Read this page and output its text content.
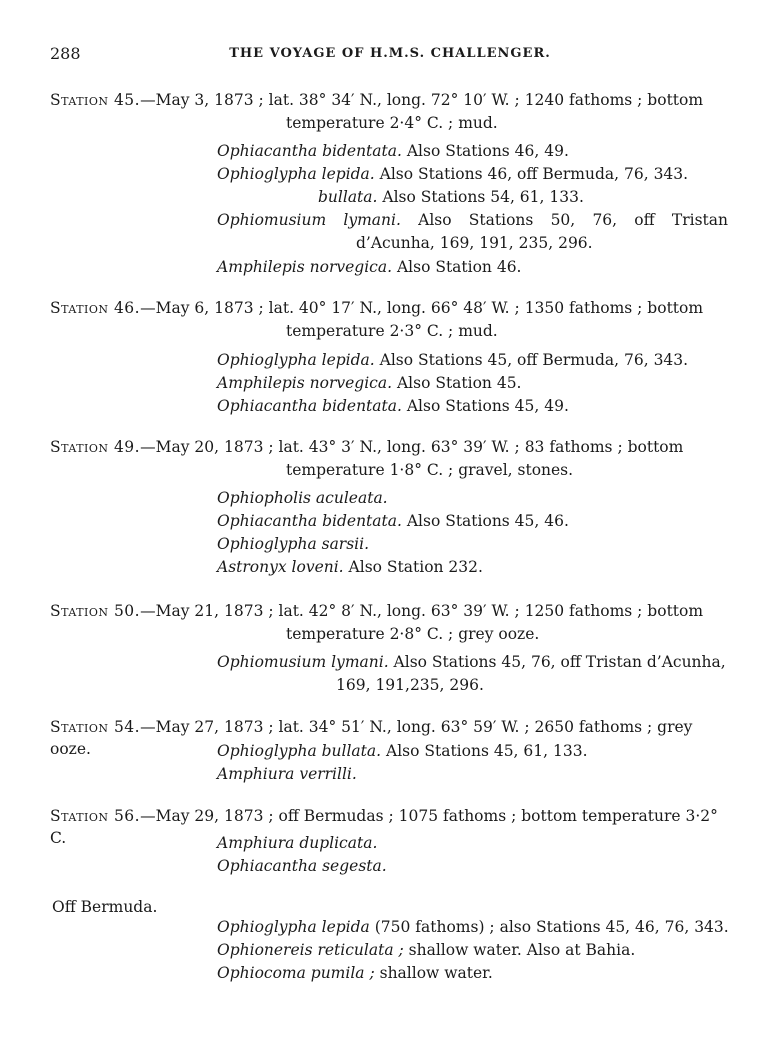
288	THE VOYAGE OF H.M.S. CHALLENGER.
Station 45.—May 3, 1873 ; lat. 38° 34′ N., long. 72° 10′ W. ; 1240 fathoms ; bottom
temperature 2·4° C. ; mud.
Ophiacantha bidentata. Also Stations 46, 49.
Ophioglypha lepida. Also Stations 46, off Bermuda, 76, 343.
bullata. Also Stations 54, 61, 133.
Ophiomusium lymani. Also Stations 50, 76, off Tristan
d’Acunha, 169, 191, 235, 296.
Amphilepis norvegica. Also Station 46.
Station 46.—May 6, 1873 ; lat. 40° 17′ N., long. 66° 48′ W. ; 1350 fathoms ; bottom
temperature 2·3° C. ; mud.
Ophioglypha lepida. Also Stations 45, off Bermuda, 76, 343.
Amphilepis norvegica. Also Station 45.
Ophiacantha bidentata. Also Stations 45, 49.
Station 49.—May 20, 1873 ; lat. 43° 3′ N., long. 63° 39′ W. ; 83 fathoms ; bottom
temperature 1·8° C. ; gravel, stones.
Ophiopholis aculeata.
Ophiacantha bidentata. Also Stations 45, 46.
Ophioglypha sarsii.
Astronyx loveni. Also Station 232.
Station 50.—May 21, 1873 ; lat. 42° 8′ N., long. 63° 39′ W. ; 1250 fathoms ; bottom
temperature 2·8° C. ; grey ooze.
Ophiomusium lymani. Also Stations 45, 76, off Tristan d’Acunha,
169, 191,235, 296.
Station 54.—May 27, 1873 ; lat. 34° 51′ N., long. 63° 59′ W. ; 2650 fathoms ; grey ooze.	Ophioglypha bullata. Also Stations 45, 61, 133.
Amphiura verrilli.
Station 56.—May 29, 1873 ; off Bermudas ; 1075 fathoms ; bottom temperature 3·2° C.	Amphiura duplicata.
Ophiacantha segesta.
Off Bermuda.
Ophioglypha lepida (750 fathoms) ; also Stations 45, 46, 76, 343.
Ophionereis reticulata ; shallow water. Also at Bahia.
Ophiocoma pumila ; shallow water.
